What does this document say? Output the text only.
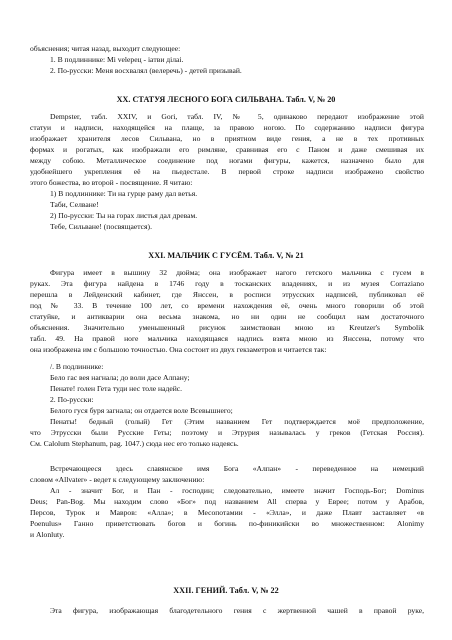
объяснения; читая назад, выходит следующее:

1. В подлиннике: Mi velepeц - iaтви дiлai.

2. По-русски: Меня восхвалял (велеречь) - детей призывай.

XX. СТАТУЯ ЛЕСНОГО БОГА СИЛЬВАНА. Табл. V, № 20

Dempster, табл. XXIV, и Gori, табл. IV, № 5, одинаково передают изображение этой

статуи и надписи, находящейся на плаще, за правою ногою. По содержанию надписи фигура

изображает хранителя лесов Сильвана, но в приятном виде гения, а не в тех противных

формах и рогатых, как изображали его римляне, сравнивая его с Паном и даже смешивая их

между собою. Металлическое соединение под ногами фигуры, кажется, назначено было для

удобнейшего укрепления её на пьедестале. В первой строке надписи изображено свойство

этого божества, во второй - посвящение. Я читаю:

1) В подлиннике: Ти на гурце раму дал ветья.

Таби, Селване!

2) По-русски: Ты на горах листья дал древам.

Тебе, Сильване! (посвящается).

XXI. МАЛЬЧИК С ГУСЁМ. Табл. V, № 21

Фигура имеет в вышину 32 дюйма; она изображает нагого гетского мальчика с гусем в

руках. Эта фигура найдена в 1746 году в тосканских владениях, и из музея Corraziano

перешла в Лейденский кабинет, где Янссен, в росписи этрусских надписей, публиковал её

под № 33. В течение 100 лет, со времени нахождения её, очень много говорили об этой

статуйке, и антикварии она весьма знакома, но ни один не сообщил нам достаточного

объяснения. Значительно уменьшенный рисунок заимствован мною из Kreutzer's Symbolik

табл. 49. На правой ноге мальчика находящаяся надпись взята мною из Янссена, потому что

она изображена им с большою точностью. Она состоит из двух гекзаметров и читается так:

/. В подлиннике:

Бело гас вея нагнала; до воли дасе Алпану;

Пенате! голен Гета туди нес толе надейс.

2. По-русски:

Белого гуся буря загнала; он отдается воле Всевышнего;

Пенаты! бедный (голый) Гет (Этим названием Гет подтверждается моё предположение,

что Этрусски были Русские Геты; поэтому и Этрурия называлась у греков (Гетская Россия).

См. Calolum Stephanum, pag. 1047.) сюда нес его только надеясь.

Встречающееся здесь славянское имя Бога «Алпан» - переведенное на немецкий

словом «Allvater» - ведет к следующему заключению:

Ал - значит Бог, и Пан - господин; следовательно, имеете значит Господь-Бог; Dominus

Deus; Pan-Bog. Мы находим слово «Бог» под названием All сперва у Еврее; потом у Арабов,

Персов, Турок и Мавров: «Алла»; в Месопотамии - «Элла», и даже Плавт заставляет «в

Poenulus» Ганно приветствовать богов и богинь по-финикийски во множественном: Alonimy

и Alonluty.

XXII. ГЕНИЙ. Табл. V, № 22

Эта фигура, изображающая благодетельного гения с жертвенной чашей в правой руке,
